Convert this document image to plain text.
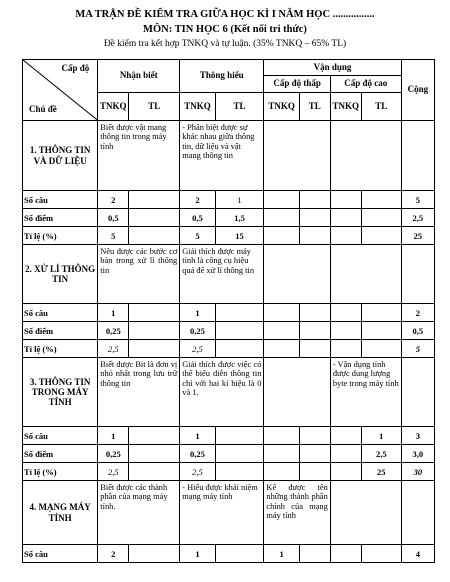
MA TRẬN ĐỀ KIỂM TRA GIỮA HỌC KÌ I NĂM HỌC ................
MÔN: TIN HỌC 6 (Kết nối tri thức)
Đề kiểm tra kết hợp TNKQ và tự luận. (35% TNKQ – 65% TL)
Cấp độ
Chủ đề	Nhận biết		Thông hiểu		Vận dụng				Cộng
					Cấp độ thấp		Cấp độ cao		
	TNKQ	TL	TNKQ	TL	TNKQ	TL	TNKQ	TL	
1. THÔNG TIN VÀ DỮ LIỆU	Biết được vật mang thông tin trong máy tính		- Phân biệt được sự khác nhau giữa thông tin, dữ liệu và vật mang thông tin						
Số câu	2		2	1					5
Số điểm	0,5		0,5	1,5					2,5
Tỉ lệ (%)	5		5	15					25
2. XỬ LÍ THÔNG TIN	Nêu được các bước cơ bản trong xử lí thông tin		Giải thích được máy tính là công cụ hiệu quả để xử lí thông tin						
Số câu	1		1						2
Số điểm	0,25		0,25						0,5
Tỉ lệ (%)	2,5		2,5						5
3. THÔNG TIN TRONG MÁY TÍNH	Biết được Bit là đơn vị nhỏ nhất trong lưu trữ thông tin		Giải thích được việc có thể biểu diễn thông tin chỉ với hai kí hiệu là 0 và 1.				- Vận dụng tính được dung lượng byte trong máy tính		
Số câu	1		1					1	3
Số điểm	0,25		0,25					2,5	3,0
Tỉ lệ (%)	2,5		2,5					25	30
4. MẠNG MÁY TÍNH	Biết được các thành phần của mạng máy tính.		- Hiểu được khái niệm mạng máy tính		Kể được tên những thành phần chính của mạng máy tính				
Số câu	2		1		1				4
